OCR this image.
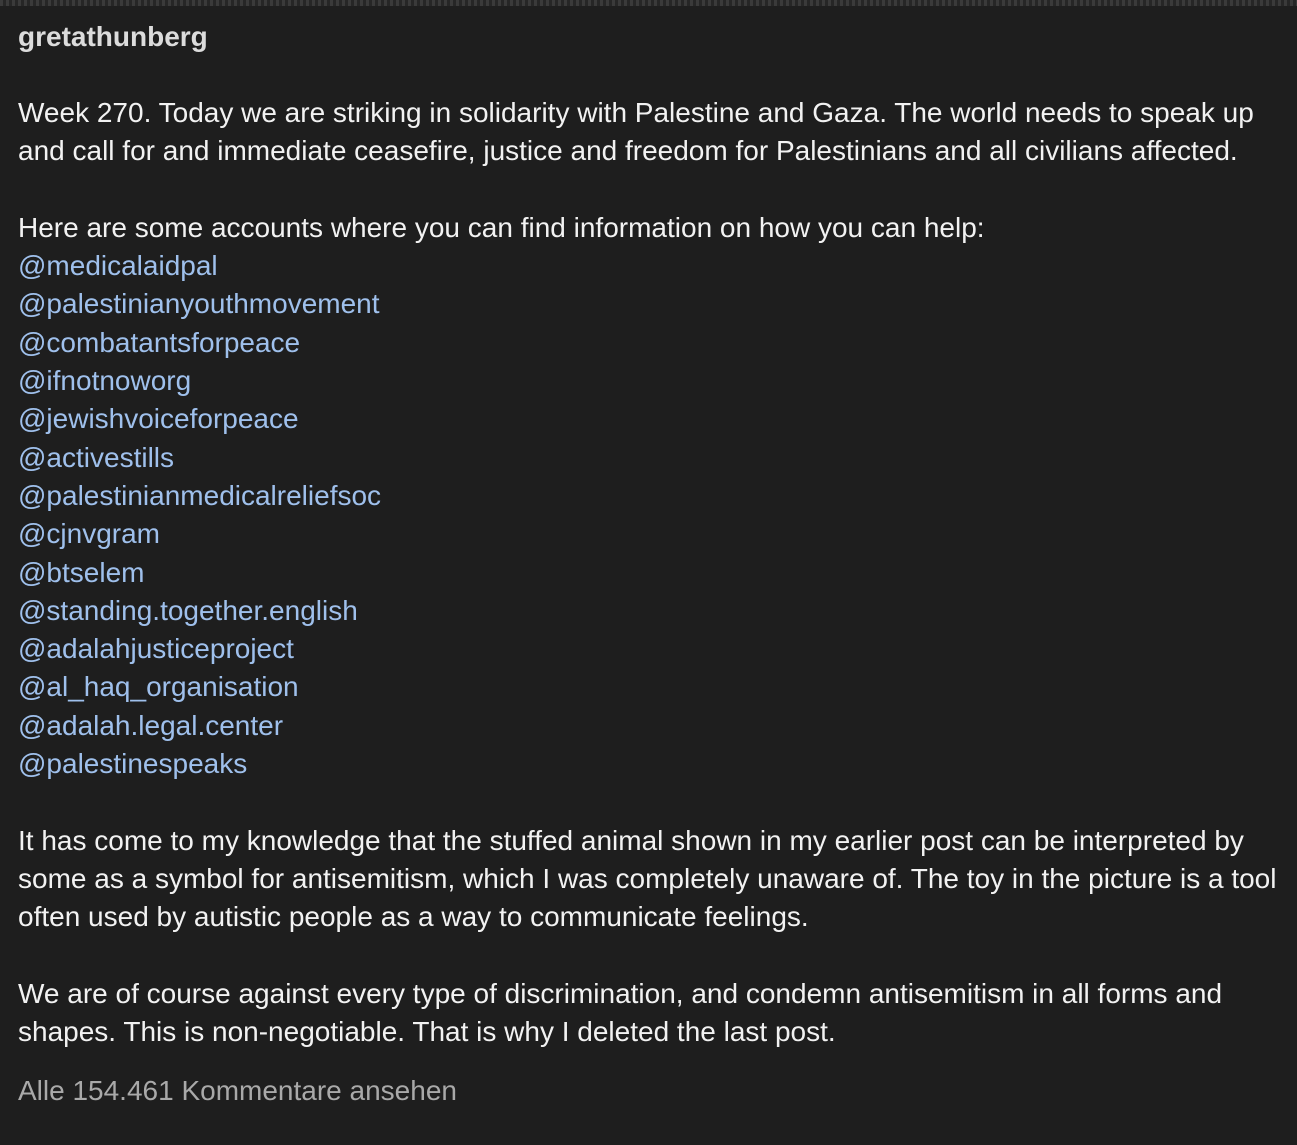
gretathunberg
Week 270. Today we are striking in solidarity with Palestine and Gaza. The world needs to speak up and call for and immediate ceasefire, justice and freedom for Palestinians and all civilians affected.
Here are some accounts where you can find information on how you can help:
@medicalaidpal
@palestinianyouthmovement
@combatantsforpeace
@ifnotnoworg
@jewishvoiceforpeace
@activestills
@palestinianmedicalreliefsoc
@cjnvgram
@btselem
@standing.together.english
@adalahjusticeproject
@al_haq_organisation
@adalah.legal.center
@palestinespeaks
It has come to my knowledge that the stuffed animal shown in my earlier post can be interpreted by some as a symbol for antisemitism, which I was completely unaware of. The toy in the picture is a tool often used by autistic people as a way to communicate feelings.
We are of course against every type of discrimination, and condemn antisemitism in all forms and shapes. This is non-negotiable. That is why I deleted the last post.
Alle 154.461 Kommentare ansehen
